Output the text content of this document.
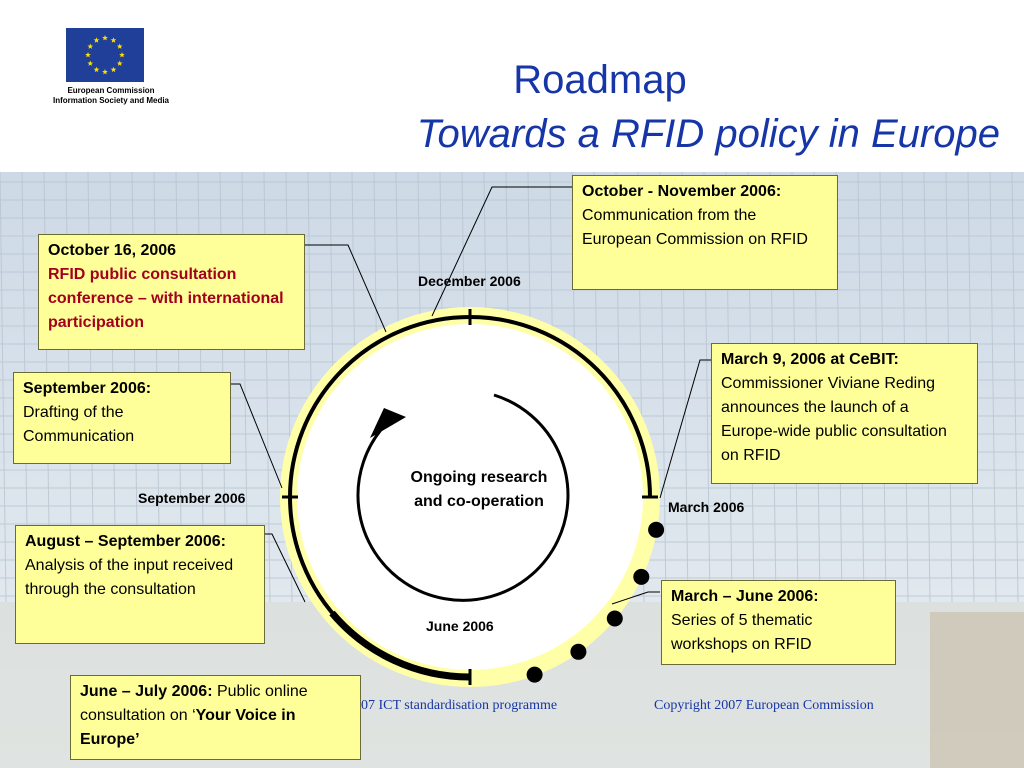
European Commission
Information Society and Media	Roadmap
Towards a RFID policy in Europe
December 2006
March 2006
June 2006
September 2006
Ongoing research
and co-operation
October - November 2006:  Communication from the European Commission on RFID
October 16, 2006
RFID public consultation conference – with international participation
September 2006:
Drafting of the Communication
March 9, 2006 at CeBIT:
Commissioner Viviane Reding announces the launch of a Europe-wide public consultation on RFID
August – September 2006:  Analysis of the input received through the consultation	March – June 2006:
Series of 5 thematic workshops on RFID
07 ICT standardisation programme	Copyright 2007 European Commission
June – July 2006: Public online consultation on ‘Your Voice in Europe’
